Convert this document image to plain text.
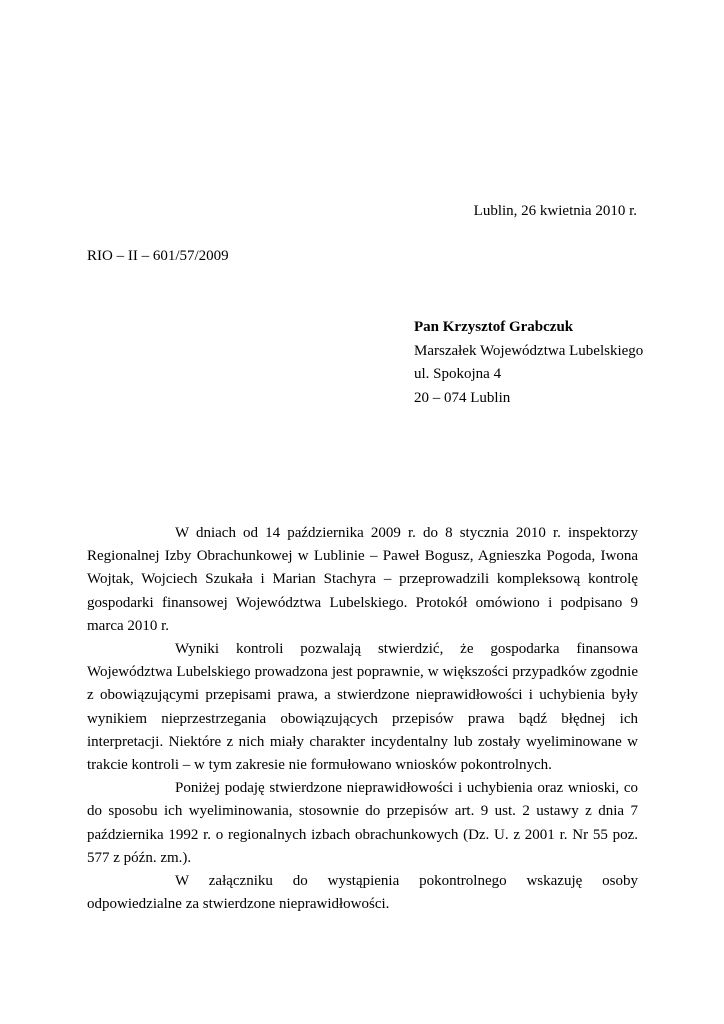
Lublin, 26 kwietnia 2010 r.
RIO – II – 601/57/2009
Pan Krzysztof Grabczuk
Marszałek Województwa Lubelskiego
ul. Spokojna 4
20 – 074 Lublin

W dniach od 14 października 2009 r. do 8 stycznia 2010 r. inspektorzy Regionalnej Izby Obrachunkowej w Lublinie – Paweł Bogusz, Agnieszka Pogoda, Iwona Wojtak, Wojciech Szukała i Marian Stachyra – przeprowadzili kompleksową kontrolę gospodarki finansowej Województwa Lubelskiego. Protokół omówiono i podpisano 9 marca 2010 r.

Wyniki kontroli pozwalają stwierdzić, że gospodarka finansowa Województwa Lubelskiego prowadzona jest poprawnie, w większości przypadków zgodnie z obowiązującymi przepisami prawa, a stwierdzone nieprawidłowości i uchybienia były wynikiem nieprzestrzegania obowiązujących przepisów prawa bądź błędnej ich interpretacji. Niektóre z nich miały charakter incydentalny lub zostały wyeliminowane w trakcie kontroli – w tym zakresie nie formułowano wniosków pokontrolnych.

Poniżej podaję stwierdzone nieprawidłowości i uchybienia oraz wnioski, co do sposobu ich wyeliminowania, stosownie do przepisów art. 9 ust. 2 ustawy z dnia 7 października 1992 r. o regionalnych izbach obrachunkowych (Dz. U. z 2001 r. Nr 55 poz. 577 z późn. zm.).

W załączniku do wystąpienia pokontrolnego wskazuję osoby odpowiedzialne za stwierdzone nieprawidłowości.
